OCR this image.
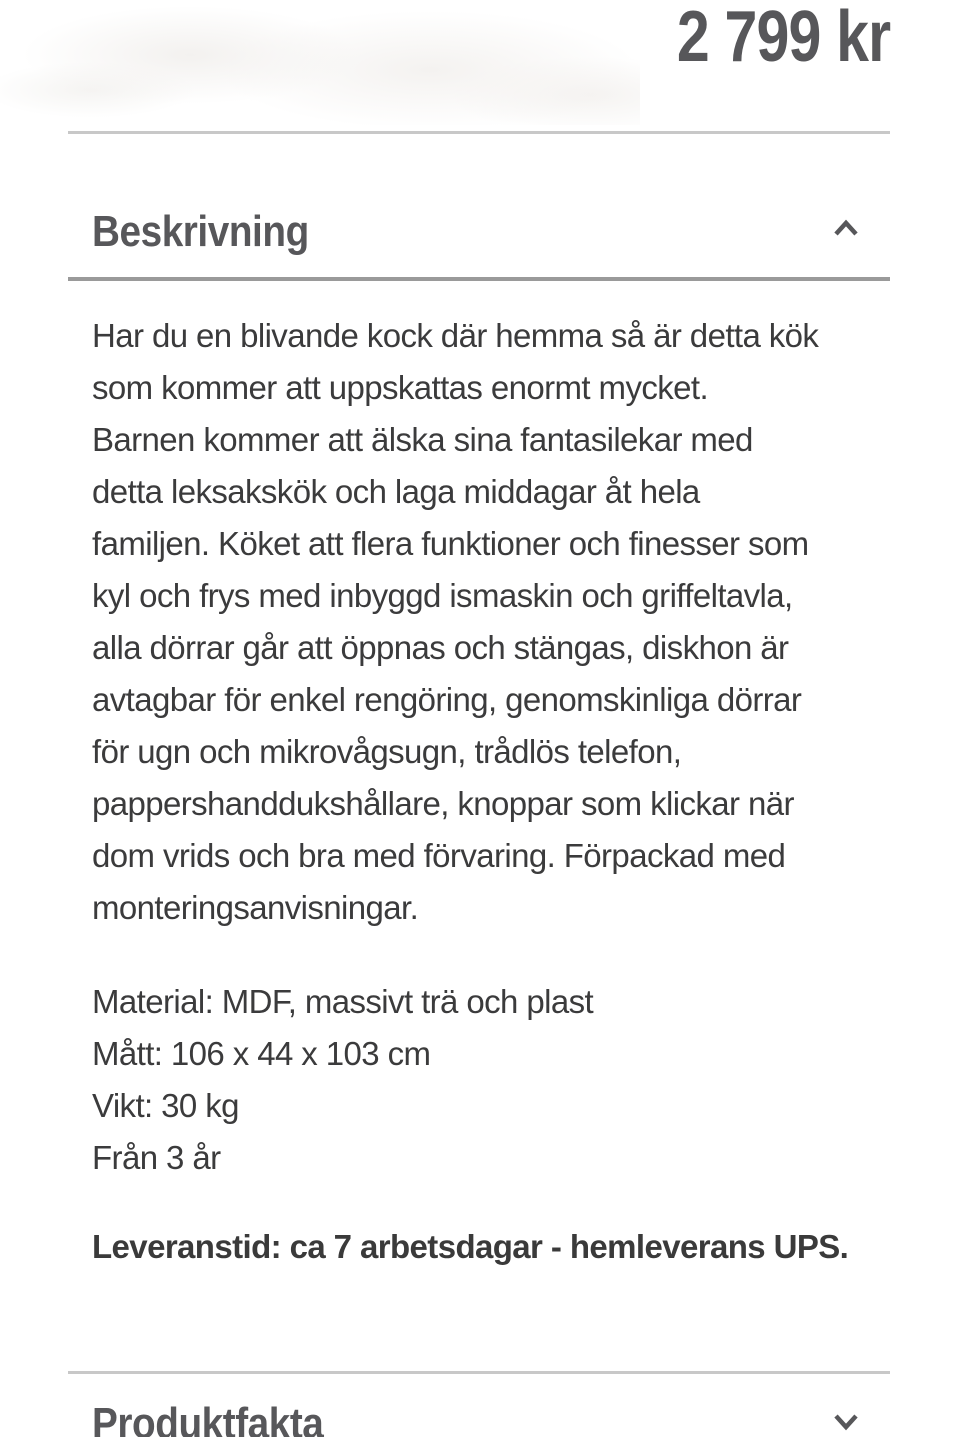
2 799 kr
Beskrivning
Har du en blivande kock där hemma så är detta kök
som kommer att uppskattas enormt mycket.
Barnen kommer att älska sina fantasilekar med
detta leksakskök och laga middagar åt hela
familjen. Köket att flera funktioner och finesser som
kyl och frys med inbyggd ismaskin och griffeltavla,
alla dörrar går att öppnas och stängas, diskhon är
avtagbar för enkel rengöring, genomskinliga dörrar
för ugn och mikrovågsugn, trådlös telefon,
pappershanddukshållare, knoppar som klickar när
dom vrids och bra med förvaring. Förpackad med
monteringsanvisningar.
Material: MDF, massivt trä och plast
Mått: 106 x 44 x 103 cm
Vikt: 30 kg
Från 3 år
Leveranstid: ca 7 arbetsdagar - hemleverans UPS.
Produktfakta
